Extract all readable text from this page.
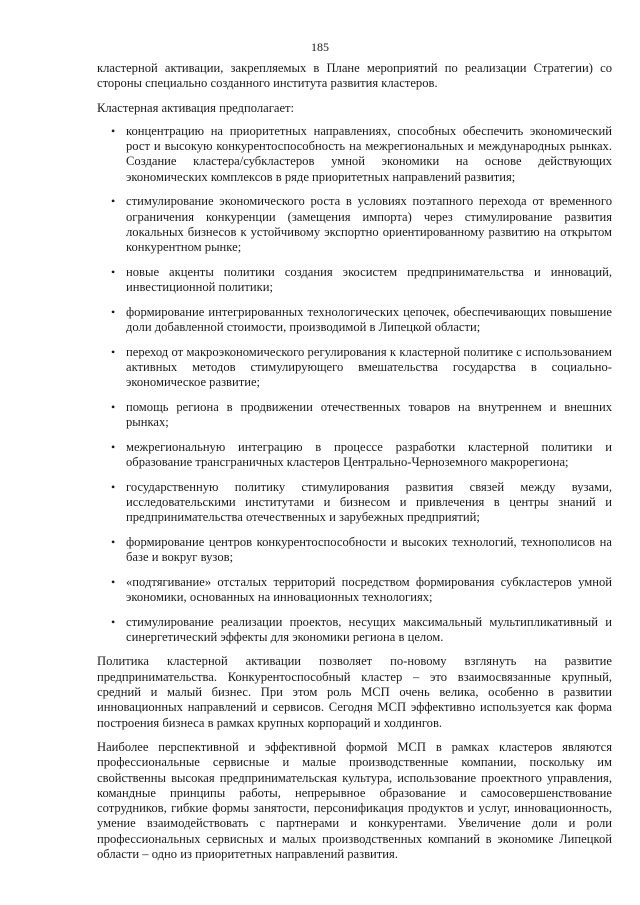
185

кластерной активации, закрепляемых в Плане мероприятий по реализации Стратегии) со стороны специально созданного института развития кластеров.

Кластерная активация предполагает:

• концентрацию на приоритетных направлениях, способных обеспечить экономический рост и высокую конкурентоспособность на межрегиональных и международных рынках. Создание кластера/субкластеров умной экономики на основе действующих экономических комплексов в ряде приоритетных направлений развития;
• стимулирование экономического роста в условиях поэтапного перехода от временного ограничения конкуренции (замещения импорта) через стимулирование развития локальных бизнесов к устойчивому экспортно ориентированному развитию на открытом конкурентном рынке;
• новые акценты политики создания экосистем предпринимательства и инноваций, инвестиционной политики;
• формирование интегрированных технологических цепочек, обеспечивающих повышение доли добавленной стоимости, производимой в Липецкой области;
• переход от макроэкономического регулирования к кластерной политике с использованием активных методов стимулирующего вмешательства государства в социально-экономическое развитие;
• помощь региона в продвижении отечественных товаров на внутреннем и внешних рынках;
• межрегиональную интеграцию в процессе разработки кластерной политики и образование трансграничных кластеров Центрально-Черноземного макрорегиона;
• государственную политику стимулирования развития связей между вузами, исследовательскими институтами и бизнесом и привлечения в центры знаний и предпринимательства отечественных и зарубежных предприятий;
• формирование центров конкурентоспособности и высоких технологий, технополисов на базе и вокруг вузов;
• «подтягивание» отсталых территорий посредством формирования субкластеров умной экономики, основанных на инновационных технологиях;
• стимулирование реализации проектов, несущих максимальный мультипликативный и синергетический эффекты для экономики региона в целом.

Политика кластерной активации позволяет по-новому взглянуть на развитие предпринимательства. Конкурентоспособный кластер – это взаимосвязанные крупный, средний и малый бизнес. При этом роль МСП очень велика, особенно в развитии инновационных направлений и сервисов. Сегодня МСП эффективно используется как форма построения бизнеса в рамках крупных корпораций и холдингов.

Наиболее перспективной и эффективной формой МСП в рамках кластеров являются профессиональные сервисные и малые производственные компании, поскольку им свойственны высокая предпринимательская культура, использование проектного управления, командные принципы работы, непрерывное образование и самосовершенствование сотрудников, гибкие формы занятости, персонификация продуктов и услуг, инновационность, умение взаимодействовать с партнерами и конкурентами. Увеличение доли и роли профессиональных сервисных и малых производственных компаний в экономике Липецкой области – одно из приоритетных направлений развития.
